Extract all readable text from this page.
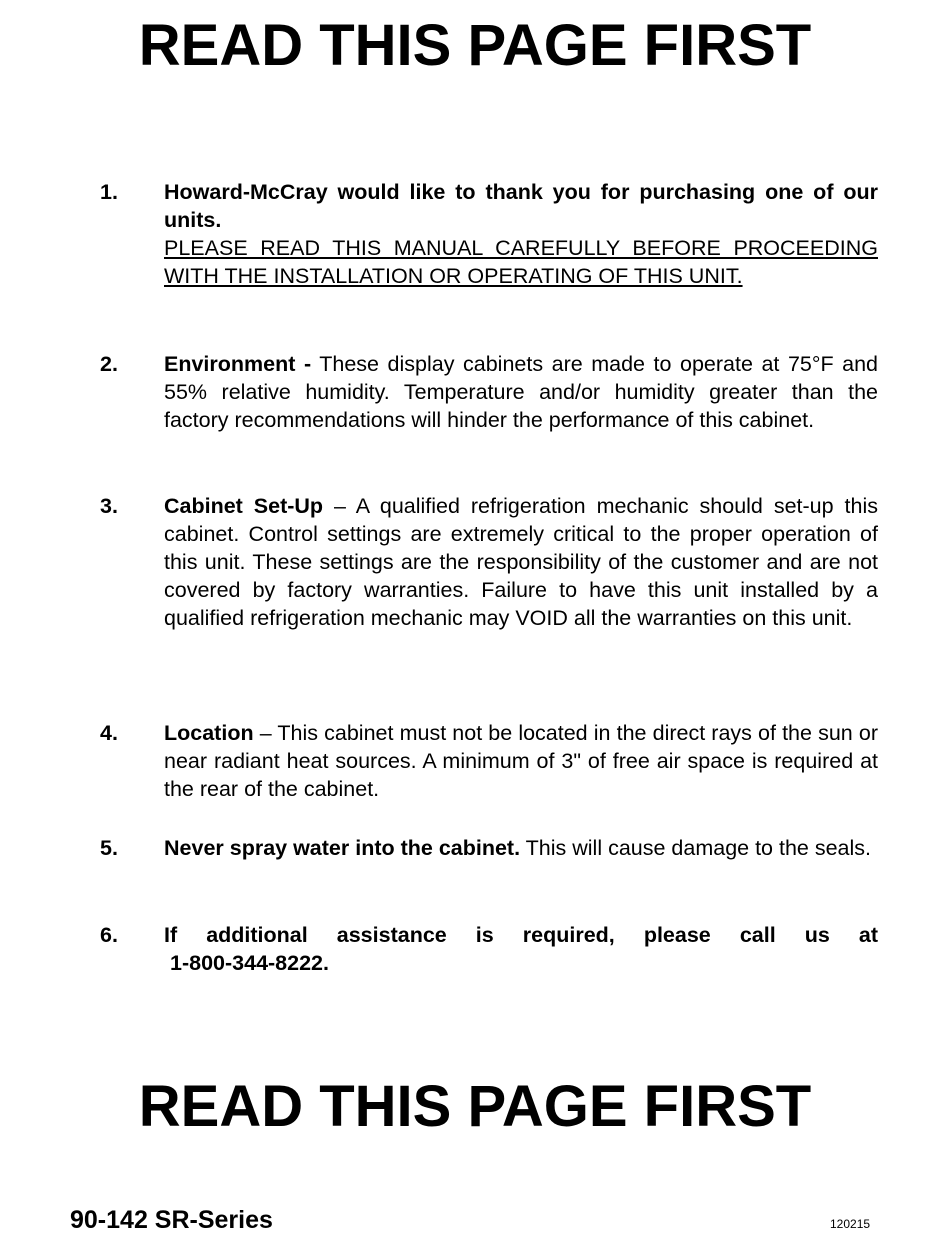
READ THIS PAGE FIRST
1.	Howard-McCray would like to thank you for purchasing one of our units.
PLEASE READ THIS MANUAL CAREFULLY BEFORE PROCEEDING WITH THE INSTALLATION OR OPERATING OF THIS UNIT.
2.	Environment - These display cabinets are made to operate at 75°F and 55% relative humidity. Temperature and/or humidity greater than the factory recommendations will hinder the performance of this cabinet.
3.	Cabinet Set-Up – A qualified refrigeration mechanic should set-up this cabinet. Control settings are extremely critical to the proper operation of this unit. These settings are the responsibility of the customer and are not covered by factory warranties. Failure to have this unit installed by a qualified refrigeration mechanic may VOID all the warranties on this unit.
4.	Location – This cabinet must not be located in the direct rays of the sun or near radiant heat sources. A minimum of 3" of free air space is required at the rear of the cabinet.
5.	Never spray water into the cabinet. This will cause damage to the seals.
6.	If additional assistance is required, please call us at
1-800-344-8222.
READ THIS PAGE FIRST
90-142 SR-Series	120215
